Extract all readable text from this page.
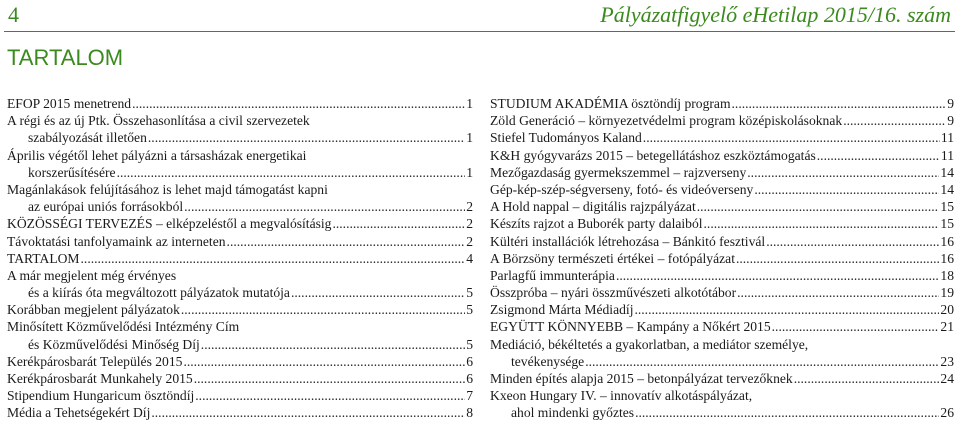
4	Pályázatfigyelő eHetilap 2015/16. szám
TARTALOM
EFOP 2015 menetrend .....	1
A régi és az új Ptk. Összehasonlítása a civil szervezetek
szabályozását illetően .....	1
Április végétől lehet pályázni a társasházak energetikai
korszerűsítésére .....	1
Magánlakások felújításához is lehet majd támogatást kapni
az európai uniós forrásokból .....	2
KÖZÖSSÉGI TERVEZÉS – elképzeléstől a megvalósításig .....	2
Távoktatási tanfolyamaink az interneten .....	2
TARTALOM .....	4
A már megjelent még érvényes
és a kiírás óta megváltozott pályázatok mutatója .....	5
Korábban megjelent pályázatok .....	5
Minősített Közművelődési Intézmény Cím
és Közművelődési Minőség Díj .....	5
Kerékpárosbarát Település 2015 .....	6
Kerékpárosbarát Munkahely 2015 .....	6
Stipendium Hungaricum ösztöndíj .....	7
Média a Tehetségekért Díj .....	8
STUDIUM AKADÉMIA ösztöndíj program .....	9
Zöld Generáció – környezetvédelmi program középiskolásoknak .....	9
Stiefel Tudományos Kaland .....	11
K&H gyógyvarázs 2015 – betegellátáshoz eszköztámogatás .....	11
Mezőgazdaság gyermekszemmel – rajzverseny .....	14
Gép-kép-szép-ségverseny, fotó- és videóverseny .....	14
A Hold nappal – digitális rajzpályázat .....	15
Készíts rajzot a Buborék party dalaiból .....	15
Kültéri installációk létrehozása – Bánkitó fesztivál .....	16
A Börzsöny természeti értékei – fotópályázat .....	16
Parlagfű immunterápia .....	18
Összpróba – nyári összművészeti alkotótábor .....	19
Zsigmond Márta Médiadíj .....	20
EGYÜTT KÖNNYEBB – Kampány a Nőkért 2015 .....	21
Mediáció, békéltetés a gyakorlatban, a mediátor személye,
tevékenysége .....	23
Minden építés alapja 2015 – betonpályázat tervezőknek .....	24
Kxeon Hungary IV. – innovatív alkotáspályázat,
ahol mindenki győztes .....	26
